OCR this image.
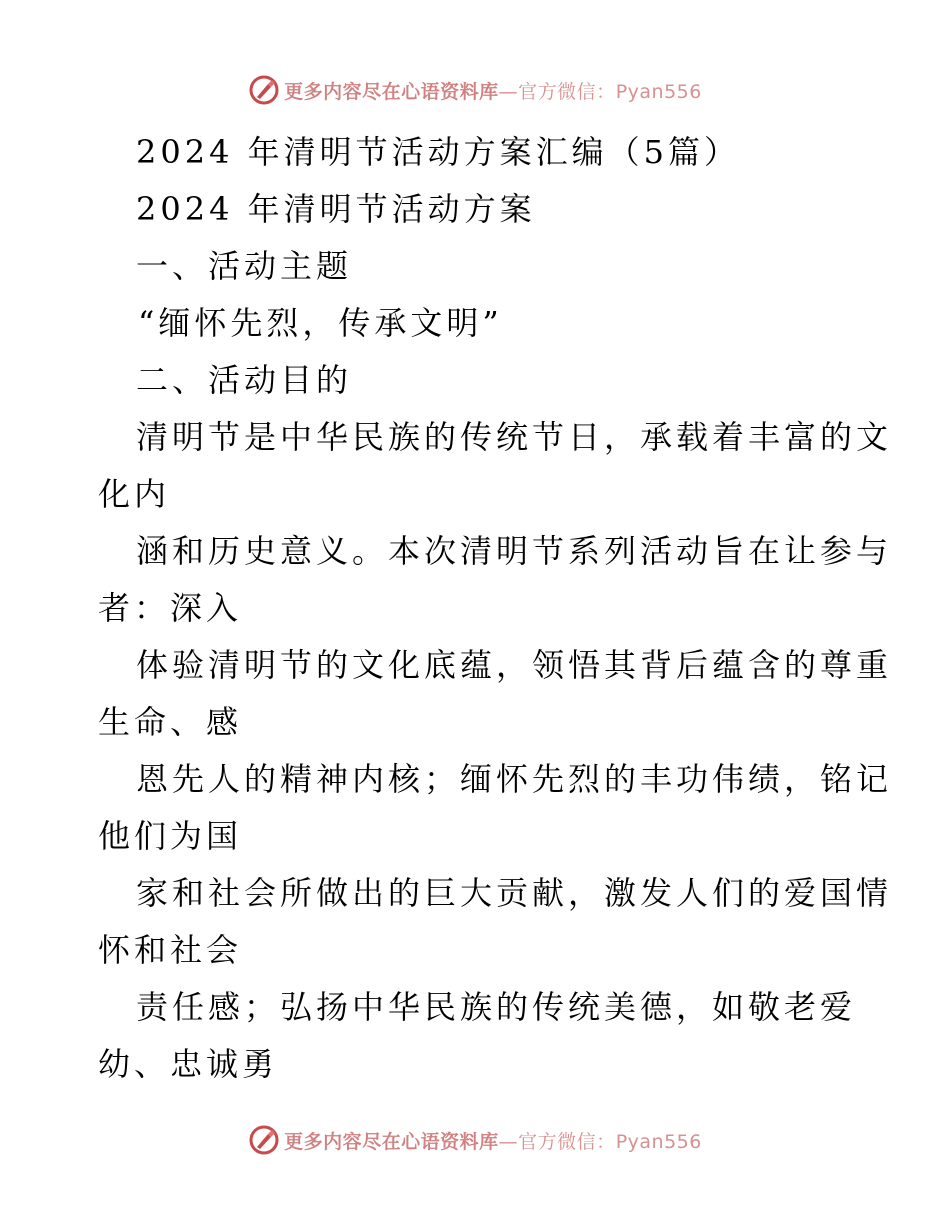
更多内容尽在心语资料库—官方微信：Pyan556
2024 年清明节活动方案汇编（5篇）
2024 年清明节活动方案
一、活动主题
“缅怀先烈，传承文明”
二、活动目的
清明节是中华民族的传统节日，承载着丰富的文
化内
涵和历史意义。本次清明节系列活动旨在让参与
者：深入
体验清明节的文化底蕴，领悟其背后蕴含的尊重
生命、感
恩先人的精神内核；缅怀先烈的丰功伟绩，铭记
他们为国
家和社会所做出的巨大贡献，激发人们的爱国情
怀和社会
责任感；弘扬中华民族的传统美德，如敬老爱
幼、忠诚勇
更多内容尽在心语资料库—官方微信：Pyan556
